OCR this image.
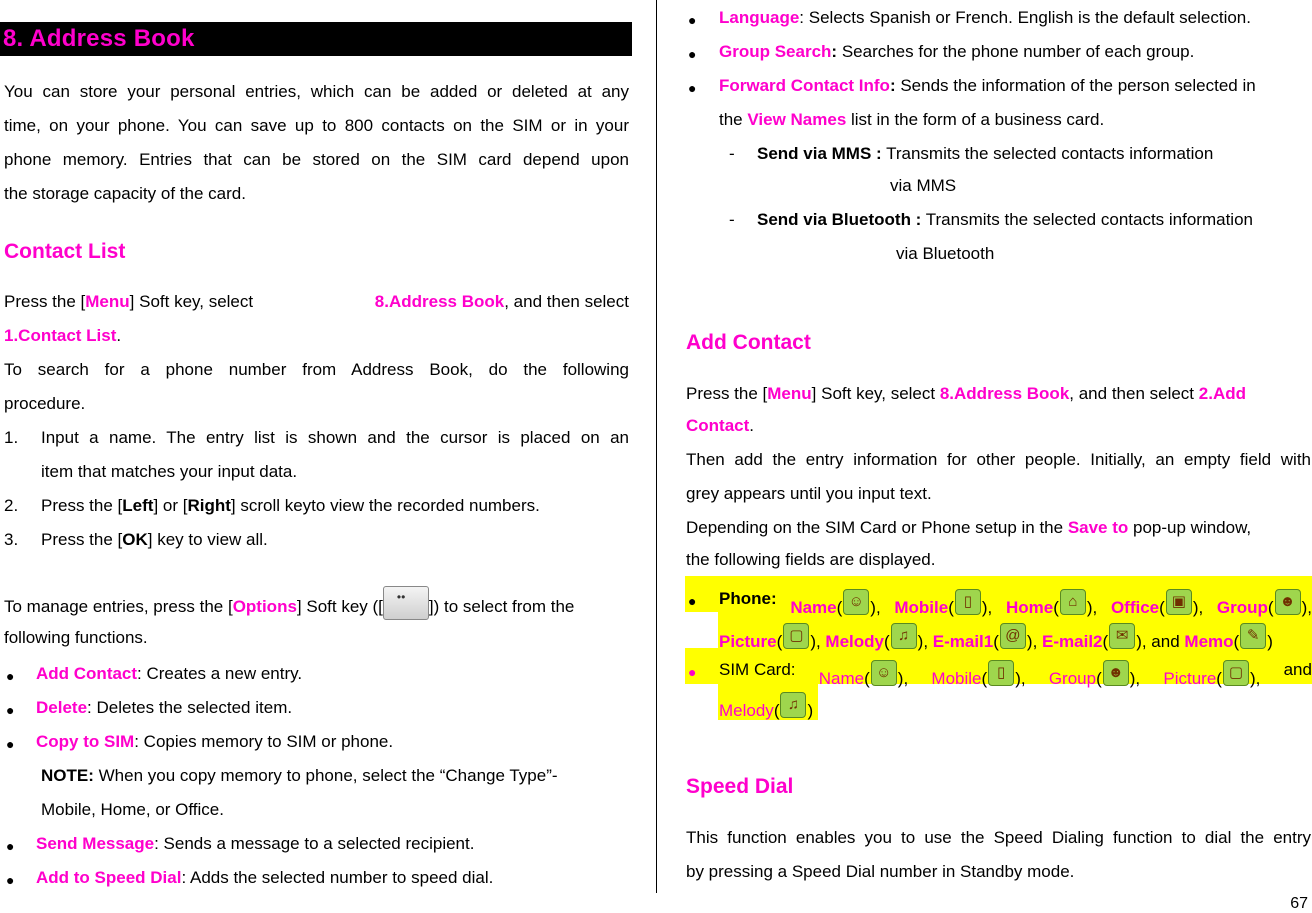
8. Address Book
You can store your personal entries, which can be added or deleted at any
time, on your phone. You can save up to 800 contacts on the SIM or in your
phone memory. Entries that can be stored on the SIM card depend upon
the storage capacity of the card.
Contact List
Press the [Menu] Soft key, select	8.Address Book, and then select
1.Contact List.
To search for a phone number from Address Book, do the following
procedure.
1. Input a name. The entry list is shown and the cursor is placed on an
item that matches your input data.
2. Press the [Left] or [Right] scroll keyto view the recorded numbers.
3. Press the [OK] key to view all.
To manage entries, press the [Options] Soft key ([ ••	]) to select from the
following functions.
● Add Contact: Creates a new entry.
● Delete: Deletes the selected item.
● Copy to SIM: Copies memory to SIM or phone.
NOTE: When you copy memory to phone, select the “Change Type”-
Mobile, Home, or Office.
● Send Message: Sends a message to a selected recipient.
● Add to Speed Dial: Adds the selected number to speed dial.
● Language: Selects Spanish or French. English is the default selection.
● Group Search: Searches for the phone number of each group.
● Forward Contact Info: Sends the information of the person selected in
the View Names list in the form of a business card.
- Send via MMS : Transmits the selected contacts information
via MMS
- Send via Bluetooth : Transmits the selected contacts information
via Bluetooth
Add Contact
Press the [Menu] Soft key, select 8.Address Book, and then select 2.Add
Contact.
Then add the entry information for other people. Initially, an empty field with
grey appears until you input text.
Depending on the SIM Card or Phone setup in the Save to pop-up window,
the following fields are displayed.
● Phone: Name( ☺ ), Mobile( ▯ ), Home( ⌂ ), Office( ▣ ), Group( ☻ ),
Picture( ▢ ), Melody( ♫ ), E-mail1( @ ), E-mail2( ✉ ), and Memo( ✎ )
● SIM Card: Name( ☺ ), Mobile( ▯ ), Group( ☻ ), Picture( ▢ ), and
Melody( ♫ )
Speed Dial
This function enables you to use the Speed Dialing function to dial the entry
by pressing a Speed Dial number in Standby mode.
67
